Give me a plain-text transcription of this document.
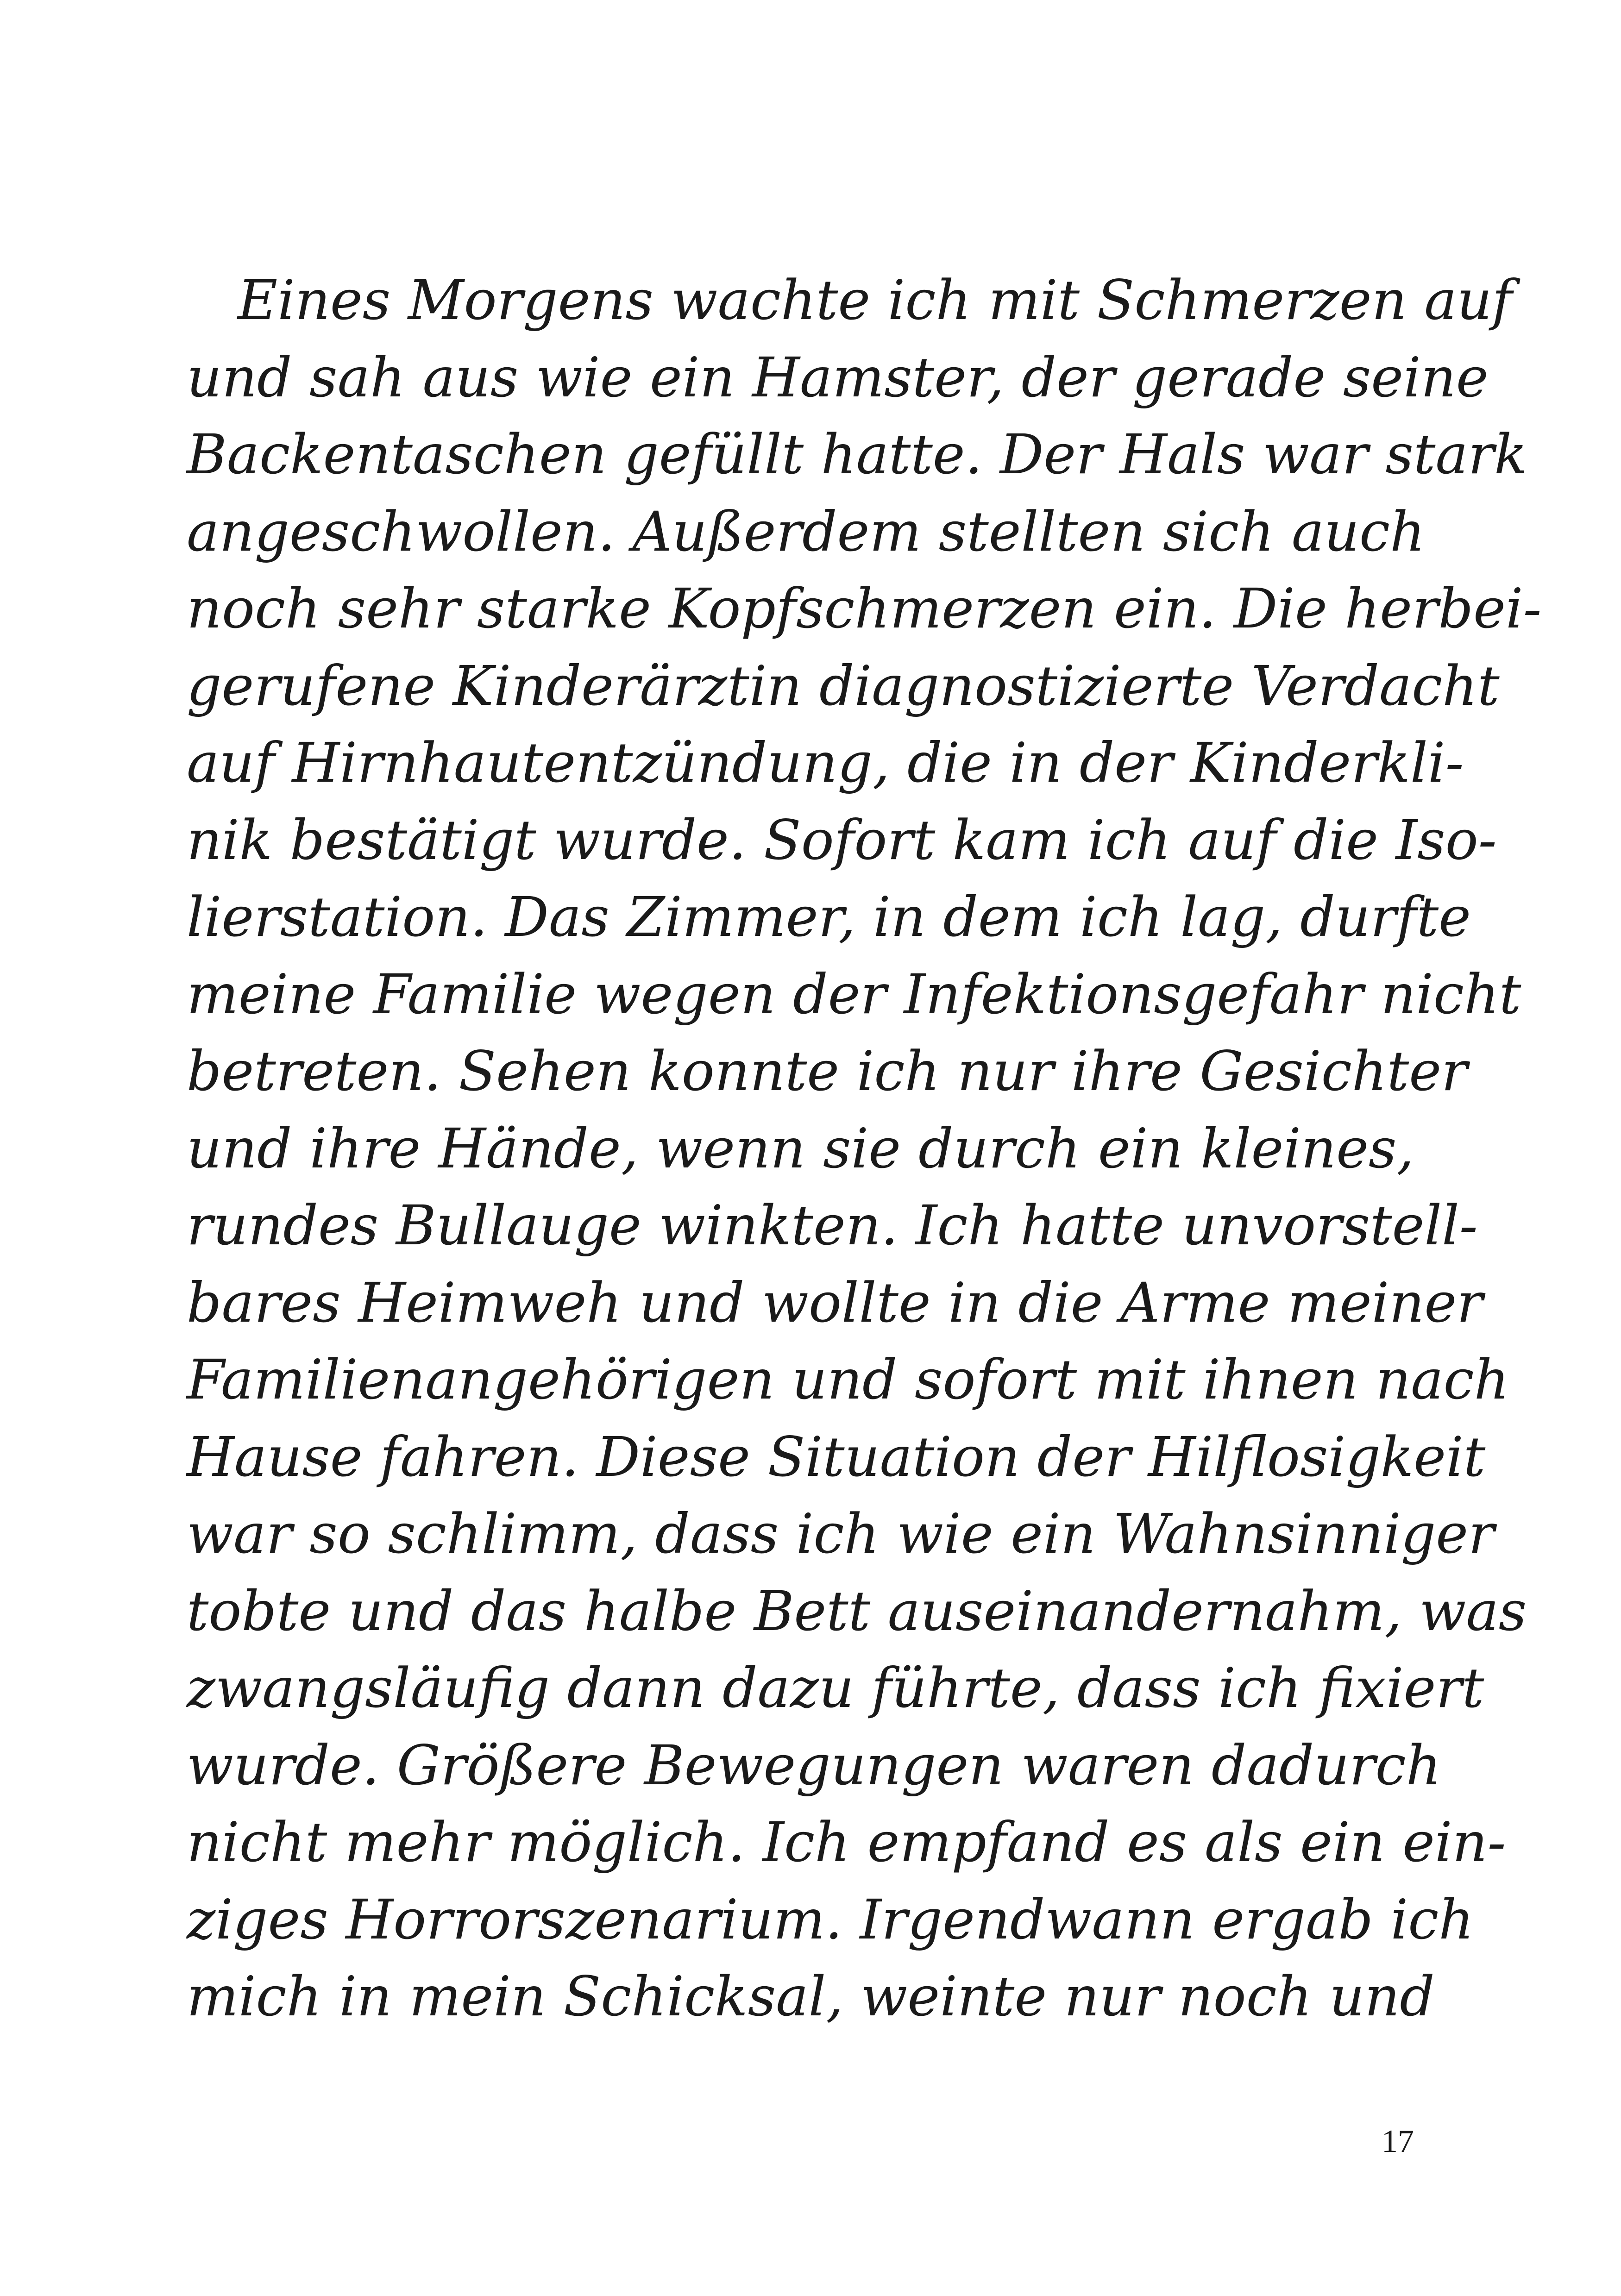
Eines Morgens wachte ich mit Schmerzen auf
und sah aus wie ein Hamster, der gerade seine
Backentaschen gefüllt hatte. Der Hals war stark
angeschwollen. Außerdem stellten sich auch
noch sehr starke Kopfschmerzen ein. Die herbei-
gerufene Kinderärztin diagnostizierte Verdacht
auf Hirnhautentzündung, die in der Kinderkli-
nik bestätigt wurde. Sofort kam ich auf die Iso-
lierstation. Das Zimmer, in dem ich lag, durfte
meine Familie wegen der Infektionsgefahr nicht
betreten. Sehen konnte ich nur ihre Gesichter
und ihre Hände, wenn sie durch ein kleines,
rundes Bullauge winkten. Ich hatte unvorstell-
bares Heimweh und wollte in die Arme meiner
Familienangehörigen und sofort mit ihnen nach
Hause fahren. Diese Situation der Hilflosigkeit
war so schlimm, dass ich wie ein Wahnsinniger
tobte und das halbe Bett auseinandernahm, was
zwangsläufig dann dazu führte, dass ich fixiert
wurde. Größere Bewegungen waren dadurch
nicht mehr möglich. Ich empfand es als ein ein-
ziges Horrorszenarium. Irgendwann ergab ich
mich in mein Schicksal, weinte nur noch und
17
